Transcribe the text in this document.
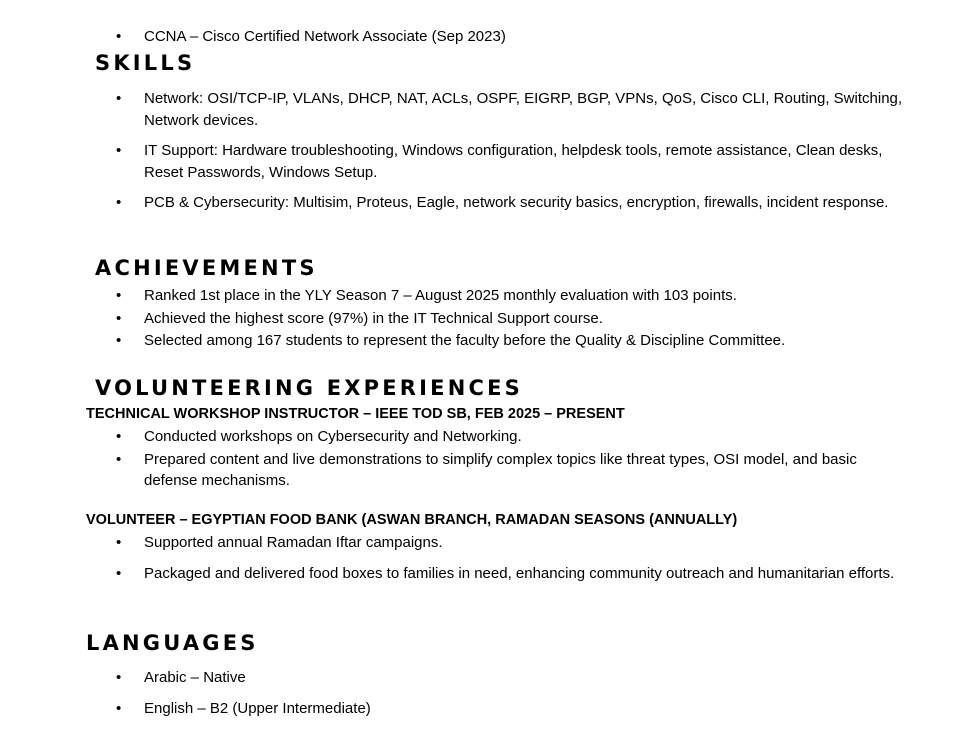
• CCNA – Cisco Certified Network Associate (Sep 2023)
SKILLS
• Network: OSI/TCP-IP, VLANs, DHCP, NAT, ACLs, OSPF, EIGRP, BGP, VPNs, QoS, Cisco CLI, Routing, Switching, Network devices.
• IT Support: Hardware troubleshooting, Windows configuration, helpdesk tools, remote assistance, Clean desks, Reset Passwords, Windows Setup.
• PCB & Cybersecurity: Multisim, Proteus, Eagle, network security basics, encryption, firewalls, incident response.
ACHIEVEMENTS
• Ranked 1st place in the YLY Season 7 – August 2025 monthly evaluation with 103 points.
• Achieved the highest score (97%) in the IT Technical Support course.
• Selected among 167 students to represent the faculty before the Quality & Discipline Committee.
VOLUNTEERING EXPERIENCES
TECHNICAL WORKSHOP INSTRUCTOR – IEEE TOD SB, FEB 2025 – PRESENT
• Conducted workshops on Cybersecurity and Networking.
• Prepared content and live demonstrations to simplify complex topics like threat types, OSI model, and basic defense mechanisms.
VOLUNTEER – EGYPTIAN FOOD BANK (ASWAN BRANCH, RAMADAN SEASONS (ANNUALLY)
• Supported annual Ramadan Iftar campaigns.
• Packaged and delivered food boxes to families in need, enhancing community outreach and humanitarian efforts.
LANGUAGES
• Arabic – Native
• English – B2 (Upper Intermediate)
